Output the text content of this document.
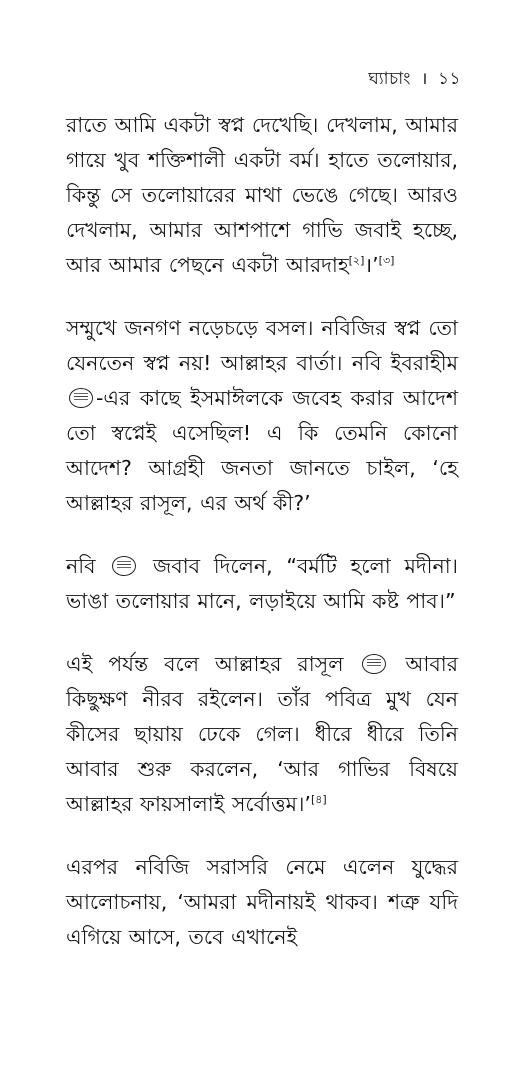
ঘ্যাচাং । ১১

রাতে আমি একটা স্বপ্ন দেখেছি। দেখলাম, আমার গায়ে খুব শক্তিশালী একটা বর্ম। হাতে তলোয়ার, কিন্তু সে তলোয়ারের মাথা ভেঙে গেছে। আরও দেখলাম, আমার আশপাশে গাভি জবাই হচ্ছে, আর আমার পেছনে একটা আরদাহ[২]।’[৩]

সম্মুখে জনগণ নড়েচড়ে বসল। নবিজির স্বপ্ন তো যেনতেন স্বপ্ন নয়! আল্লাহর বার্তা। নবি ইবরাহীম -এর কাছে ইসমাঈলকে জবেহ করার আদেশ তো স্বপ্নেই এসেছিল! এ কি তেমনি কোনো আদেশ? আগ্রহী জনতা জানতে চাইল, ‘হে আল্লাহর রাসূল, এর অর্থ কী?’

নবি	জবাব দিলেন, “বর্মটি হলো মদীনা। ভাঙা তলোয়ার মানে, লড়াইয়ে আমি কষ্ট পাব।”

এই পর্যন্ত বলে আল্লাহর রাসূল	আবার কিছুক্ষণ নীরব রইলেন। তাঁর পবিত্র মুখ যেন কীসের ছায়ায় ঢেকে গেল। ধীরে ধীরে তিনি আবার শুরু করলেন, ‘আর গাভির বিষয়ে আল্লাহর ফায়সালাই সর্বোত্তম।’[৪]

এরপর নবিজি সরাসরি নেমে এলেন যুদ্ধের আলোচনায়, ‘আমরা মদীনায়ই থাকব। শত্রু যদি এগিয়ে আসে, তবে এখানেই
